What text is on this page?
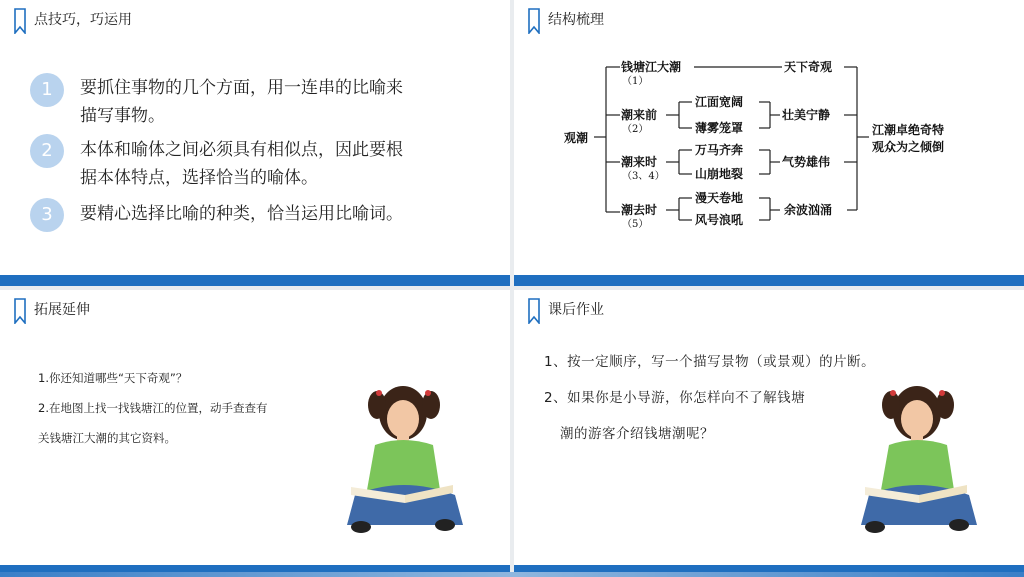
点技巧，巧运用
1	要抓住事物的几个方面，用一连串的比喻来
描写事物。
2	本体和喻体之间必须具有相似点，因此要根
据本体特点，选择恰当的喻体。
3	要精心选择比喻的种类，恰当运用比喻词。
结构梳理
观潮
钱塘江大潮
（1）
天下奇观
潮来前
（2）
江面宽阔
薄雾笼罩
壮美宁静
潮来时
（3、4）
万马齐奔
山崩地裂
气势雄伟
潮去时
（5）
漫天卷地
风号浪吼
余波汹涌
江潮卓绝奇特
观众为之倾倒
拓展延伸
1.你还知道哪些“天下奇观”？
2.在地图上找一找钱塘江的位置，动手查查有
关钱塘江大潮的其它资料。
课后作业
1、按一定顺序，写一个描写景物（或景观）的片断。
2、如果你是小导游，你怎样向不了解钱塘
潮的游客介绍钱塘潮呢？
